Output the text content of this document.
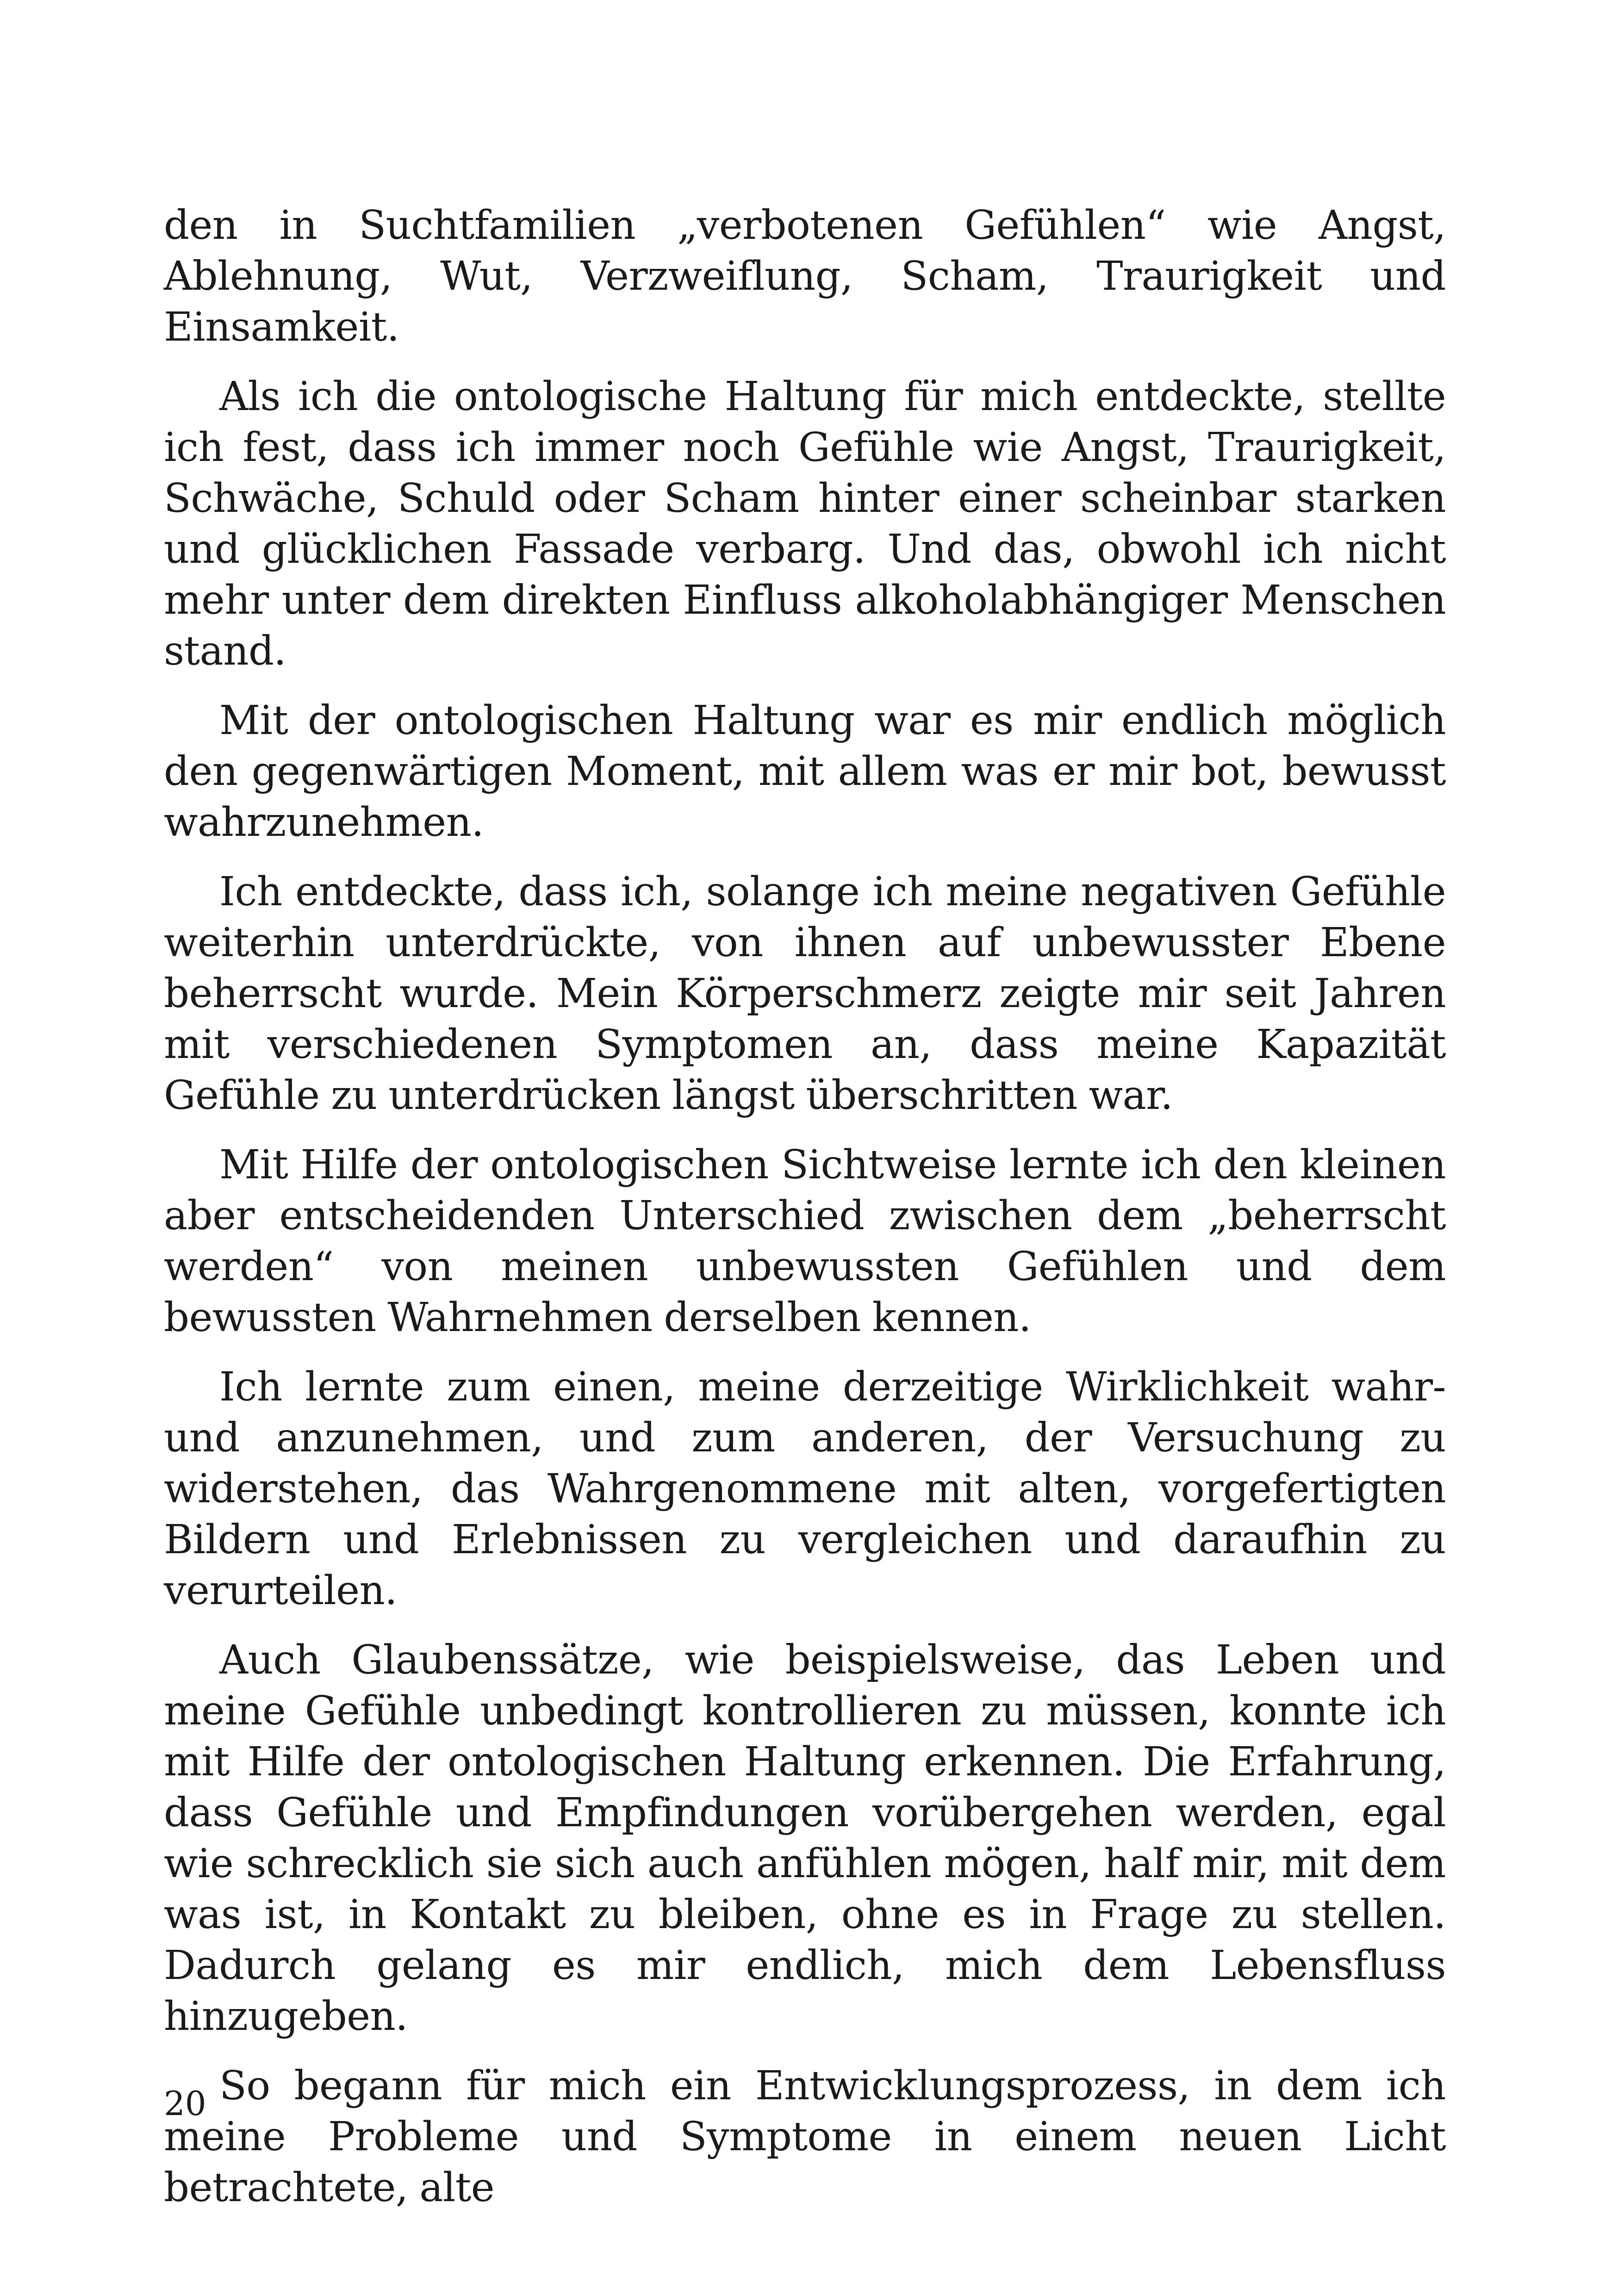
den in Suchtfamilien „verbotenen Gefühlen“ wie Angst, Ablehnung, Wut, Verzweiflung, Scham, Traurigkeit und Einsamkeit.

Als ich die ontologische Haltung für mich entdeckte, stellte ich fest, dass ich immer noch Gefühle wie Angst, Traurigkeit, Schwäche, Schuld oder Scham hinter einer scheinbar starken und glücklichen Fassade verbarg. Und das, obwohl ich nicht mehr unter dem direkten Einfluss alkoholabhängiger Menschen stand.

Mit der ontologischen Haltung war es mir endlich möglich den gegenwärtigen Moment, mit allem was er mir bot, bewusst wahrzunehmen.

Ich entdeckte, dass ich, solange ich meine negativen Gefühle weiterhin unterdrückte, von ihnen auf unbewusster Ebene beherrscht wurde. Mein Körperschmerz zeigte mir seit Jahren mit verschiedenen Symptomen an, dass meine Kapazität Gefühle zu unterdrücken längst überschritten war.

Mit Hilfe der ontologischen Sichtweise lernte ich den kleinen aber entscheidenden Unterschied zwischen dem „beherrscht werden“ von meinen unbewussten Gefühlen und dem bewussten Wahrnehmen derselben kennen.

Ich lernte zum einen, meine derzeitige Wirklichkeit wahr- und anzunehmen, und zum anderen, der Versuchung zu widerstehen, das Wahrgenommene mit alten, vorgefertigten Bildern und Erlebnissen zu vergleichen und daraufhin zu verurteilen.

Auch Glaubenssätze, wie beispielsweise, das Leben und meine Gefühle unbedingt kontrollieren zu müssen, konnte ich mit Hilfe der ontologischen Haltung erkennen. Die Erfahrung, dass Gefühle und Empfindungen vorübergehen werden, egal wie schrecklich sie sich auch anfühlen mögen, half mir, mit dem was ist, in Kontakt zu bleiben, ohne es in Frage zu stellen. Dadurch gelang es mir endlich, mich dem Lebensfluss hinzugeben.

So begann für mich ein Entwicklungsprozess, in dem ich meine Probleme und Symptome in einem neuen Licht betrachtete, alte

20
